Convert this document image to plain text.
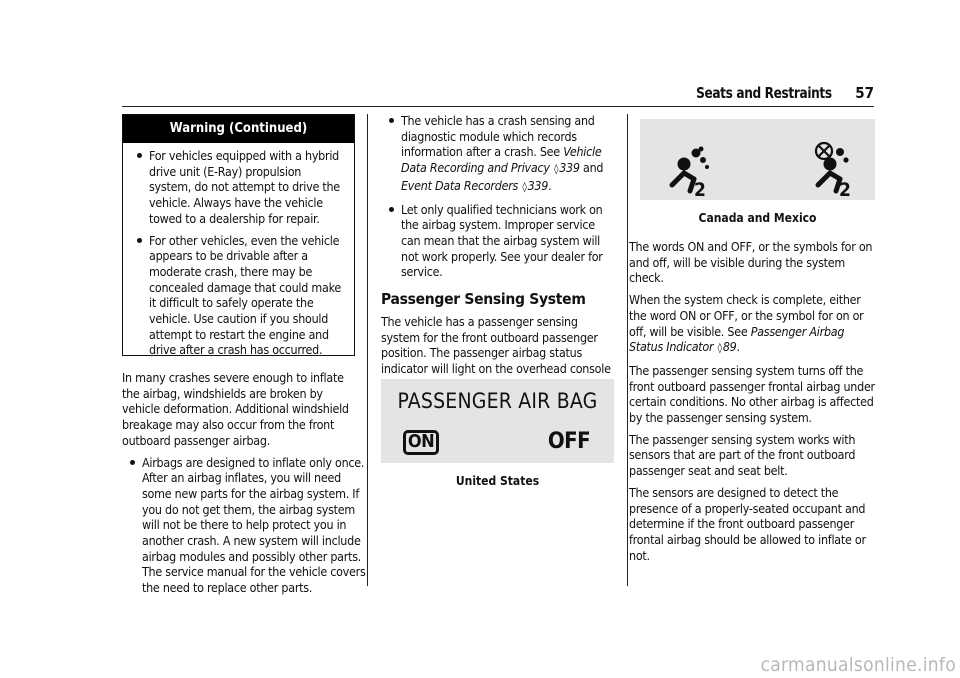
Seats and Restraints 57
Warning (Continued)
For vehicles equipped with a hybrid drive unit (E-Ray) propulsion system, do not attempt to drive the vehicle. Always have the vehicle towed to a dealership for repair.
For other vehicles, even the vehicle appears to be drivable after a moderate crash, there may be concealed damage that could make it difficult to safely operate the vehicle. Use caution if you should attempt to restart the engine and drive after a crash has occurred.

In many crashes severe enough to inflate the airbag, windshields are broken by vehicle deformation. Additional windshield breakage may also occur from the front outboard passenger airbag.

Airbags are designed to inflate only once. After an airbag inflates, you will need some new parts for the airbag system. If you do not get them, the airbag system will not be there to help protect you in another crash. A new system will include airbag modules and possibly other parts. The service manual for the vehicle covers the need to replace other parts.
The vehicle has a crash sensing and diagnostic module which records information after a crash. See Vehicle Data Recording and Privacy ◊339 and Event Data Recorders ◊339.
Let only qualified technicians work on the airbag system. Improper service can mean that the airbag system will not work properly. See your dealer for service.
Passenger Sensing System

The vehicle has a passenger sensing system for the front outboard passenger position. The passenger airbag status indicator will light on the overhead console

PASSENGER AIR BAG
ON	OFF
United States
2	2
Canada and Mexico

The words ON and OFF, or the symbols for on and off, will be visible during the system check.

When the system check is complete, either the word ON or OFF, or the symbol for on or off, will be visible. See Passenger Airbag Status Indicator ◊89.

The passenger sensing system turns off the front outboard passenger frontal airbag under certain conditions. No other airbag is affected by the passenger sensing system.

The passenger sensing system works with sensors that are part of the front outboard passenger seat and seat belt.

The sensors are designed to detect the presence of a properly-seated occupant and determine if the front outboard passenger frontal airbag should be allowed to inflate or not.

carmanualsonline.info
